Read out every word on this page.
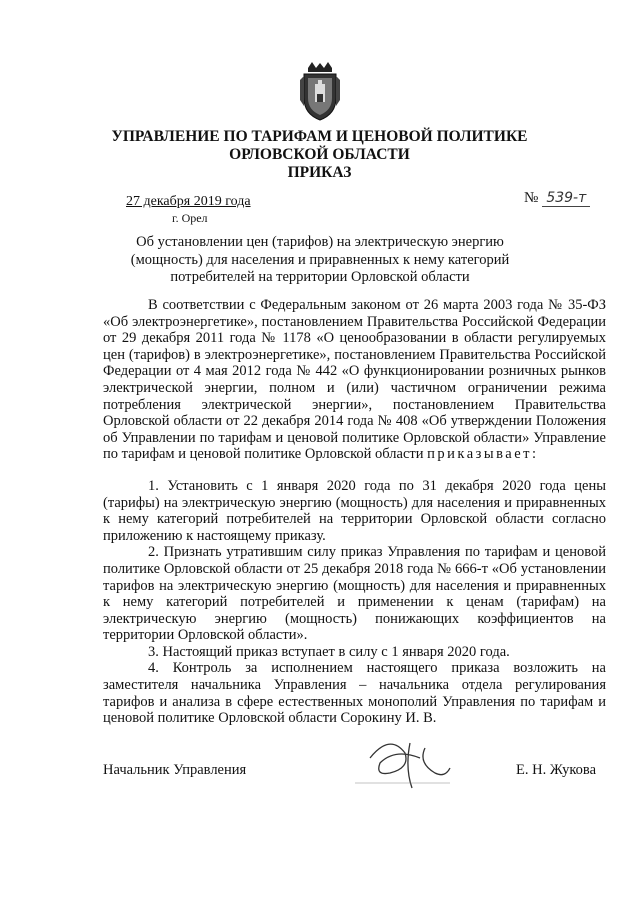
УПРАВЛЕНИЕ ПО ТАРИФАМ И ЦЕНОВОЙ ПОЛИТИКЕ
ОРЛОВСКОЙ ОБЛАСТИ
ПРИКАЗ
27 декабря 2019 года
г. Орел
№ 539-т
Об установлении цен (тарифов) на электрическую энергию (мощность) для населения и приравненных к нему категорий потребителей на территории Орловской области

В соответствии с Федеральным законом от 26 марта 2003 года № 35-ФЗ «Об электроэнергетике», постановлением Правительства Российской Федерации от 29 декабря 2011 года № 1178 «О ценообразовании в области регулируемых цен (тарифов) в электроэнергетике», постановлением Правительства Российской Федерации от 4 мая 2012 года № 442 «О функционировании розничных рынков электрической энергии, полном и (или) частичном ограничении режима потребления электрической энергии», постановлением Правительства Орловской области от 22 декабря 2014 года № 408 «Об утверждении Положения об Управлении по тарифам и ценовой политике Орловской области» Управление по тарифам и ценовой политике Орловской области приказывает:

1. Установить с 1 января 2020 года по 31 декабря 2020 года цены (тарифы) на электрическую энергию (мощность) для населения и приравненных к нему категорий потребителей на территории Орловской области согласно приложению к настоящему приказу.

2. Признать утратившим силу приказ Управления по тарифам и ценовой политике Орловской области от 25 декабря 2018 года № 666-т «Об установлении тарифов на электрическую энергию (мощность) для населения и приравненных к нему категорий потребителей и применении к ценам (тарифам) на электрическую энергию (мощность) понижающих коэффициентов на территории Орловской области».

3. Настоящий приказ вступает в силу с 1 января 2020 года.

4. Контроль за исполнением настоящего приказа возложить на заместителя начальника Управления – начальника отдела регулирования тарифов и анализа в сфере естественных монополий Управления по тарифам и ценовой политике Орловской области Сорокину И. В.

Начальник Управления	Е. Н. Жукова
